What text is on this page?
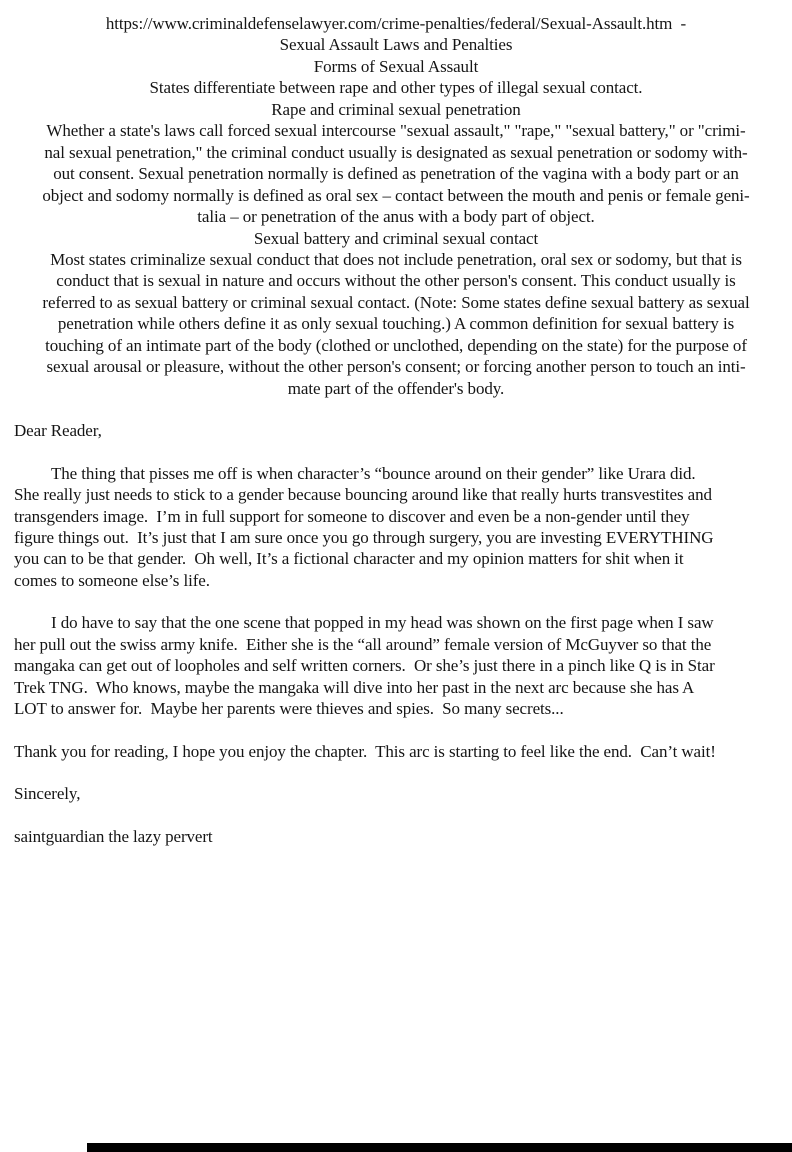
https://www.criminaldefenselawyer.com/crime-penalties/federal/Sexual-Assault.htm  -
Sexual Assault Laws and Penalties
Forms of Sexual Assault
States differentiate between rape and other types of illegal sexual contact.
Rape and criminal sexual penetration
Whether a state's laws call forced sexual intercourse "sexual assault," "rape," "sexual battery," or "crimi-
nal sexual penetration," the criminal conduct usually is designated as sexual penetration or sodomy with-
out consent. Sexual penetration normally is defined as penetration of the vagina with a body part or an
object and sodomy normally is defined as oral sex – contact between the mouth and penis or female geni-
talia – or penetration of the anus with a body part of object.
Sexual battery and criminal sexual contact
Most states criminalize sexual conduct that does not include penetration, oral sex or sodomy, but that is
conduct that is sexual in nature and occurs without the other person's consent. This conduct usually is
referred to as sexual battery or criminal sexual contact. (Note: Some states define sexual battery as sexual
penetration while others define it as only sexual touching.) A common definition for sexual battery is
touching of an intimate part of the body (clothed or unclothed, depending on the state) for the purpose of
sexual arousal or pleasure, without the other person's consent; or forcing another person to touch an inti-
mate part of the offender's body.
Dear Reader,
The thing that pisses me off is when character’s “bounce around on their gender” like Urara did.
She really just needs to stick to a gender because bouncing around like that really hurts transvestites and
transgenders image.  I’m in full support for someone to discover and even be a non-gender until they
figure things out.  It’s just that I am sure once you go through surgery, you are investing EVERYTHING
you can to be that gender.  Oh well, It’s a fictional character and my opinion matters for shit when it
comes to someone else’s life.
I do have to say that the one scene that popped in my head was shown on the first page when I saw
her pull out the swiss army knife.  Either she is the “all around” female version of McGuyver so that the
mangaka can get out of loopholes and self written corners.  Or she’s just there in a pinch like Q is in Star
Trek TNG.  Who knows, maybe the mangaka will dive into her past in the next arc because she has A
LOT to answer for.  Maybe her parents were thieves and spies.  So many secrets...
Thank you for reading, I hope you enjoy the chapter.  This arc is starting to feel like the end.  Can’t wait!
Sincerely,
saintguardian the lazy pervert
